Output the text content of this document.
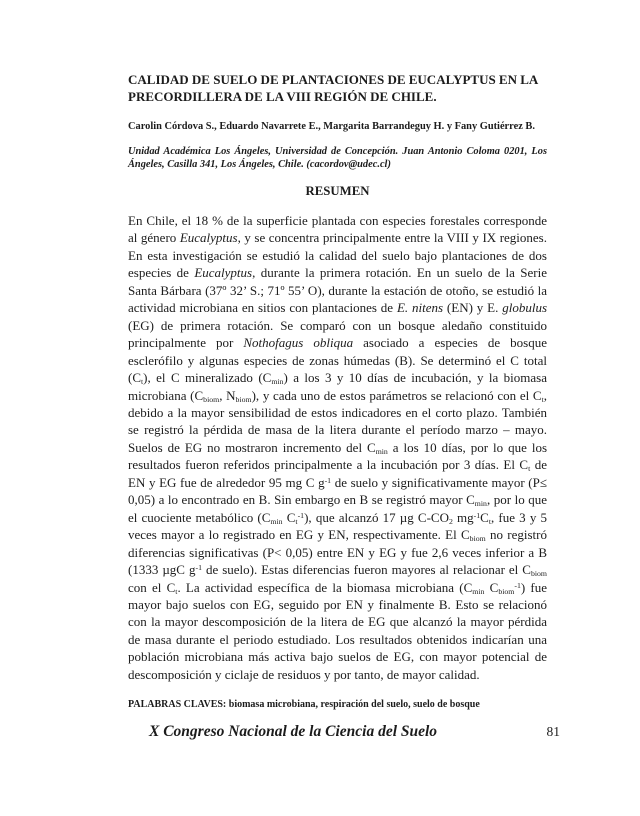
CALIDAD DE SUELO DE PLANTACIONES DE EUCALYPTUS EN LA
PRECORDILLERA DE LA VIII REGIÓN DE CHILE.
Carolin Córdova S., Eduardo Navarrete E., Margarita Barrandeguy H. y Fany Gutiérrez B.
Unidad Académica Los Ángeles, Universidad de Concepción. Juan Antonio Coloma 0201, Los Ángeles, Casilla 341, Los Ángeles, Chile. (cacordov@udec.cl)
RESUMEN
En Chile, el 18 % de la superficie plantada con especies forestales corresponde al género Eucalyptus, y se concentra principalmente entre la VIII y IX regiones. En esta investigación se estudió la calidad del suelo bajo plantaciones de dos especies de Eucalyptus, durante la primera rotación. En un suelo de la Serie Santa Bárbara (37º 32’ S.; 71º 55’ O), durante la estación de otoño, se estudió la actividad microbiana en sitios con plantaciones de E. nitens (EN) y E. globulus (EG) de primera rotación. Se comparó con un bosque aledaño constituido principalmente por Nothofagus obliqua asociado a especies de bosque esclerófilo y algunas especies de zonas húmedas (B). Se determinó el C total $(C_t)$, el C mineralizado $(C_{min})$ a los 3 y 10 días de incubación, y la biomasa microbiana ($C_{biom}$, $N_{biom}$), y cada uno de estos parámetros se relacionó con el $C_t$, debido a la mayor sensibilidad de estos indicadores en el corto plazo. También se registró la pérdida de masa de la litera durante el período marzo – mayo. Suelos de EG no mostraron incremento del $C_{min}$ a los 10 días, por lo que los resultados fueron referidos principalmente a la incubación por 3 días. El $C_t$ de EN y EG fue de alrededor 95 mg C $g^{-1}$ de suelo y significativamente mayor (P≤ 0,05) a lo encontrado en B. Sin embargo en B se registró mayor $C_{min}$, por lo que el cuociente metabólico ($C_{min}$ $C_t^{-1}$), que alcanzó 17 µg $C-CO_2$ $mg^{-1}C_t$, fue 3 y 5 veces mayor a lo registrado en EG y EN, respectivamente. El $C_{biom}$ no registró diferencias significativas (P< 0,05) entre EN y EG y fue 2,6 veces inferior a B (1333 µgC $g^{-1}$ de suelo). Estas diferencias fueron mayores al relacionar el $C_{biom}$ con el $C_t$. La actividad específica de la biomasa microbiana ($C_{min}$ $C_{biom}^{-1}$) fue mayor bajo suelos con EG, seguido por EN y finalmente B. Esto se relacionó con la mayor descomposición de la litera de EG que alcanzó la mayor pérdida de masa durante el periodo estudiado. Los resultados obtenidos indicarían una población microbiana más activa bajo suelos de EG, con mayor potencial de descomposición y ciclaje de residuos y por tanto, de mayor calidad.
PALABRAS CLAVES: biomasa microbiana, respiración del suelo, suelo de bosque
X Congreso Nacional de la Ciencia del Suelo	81
